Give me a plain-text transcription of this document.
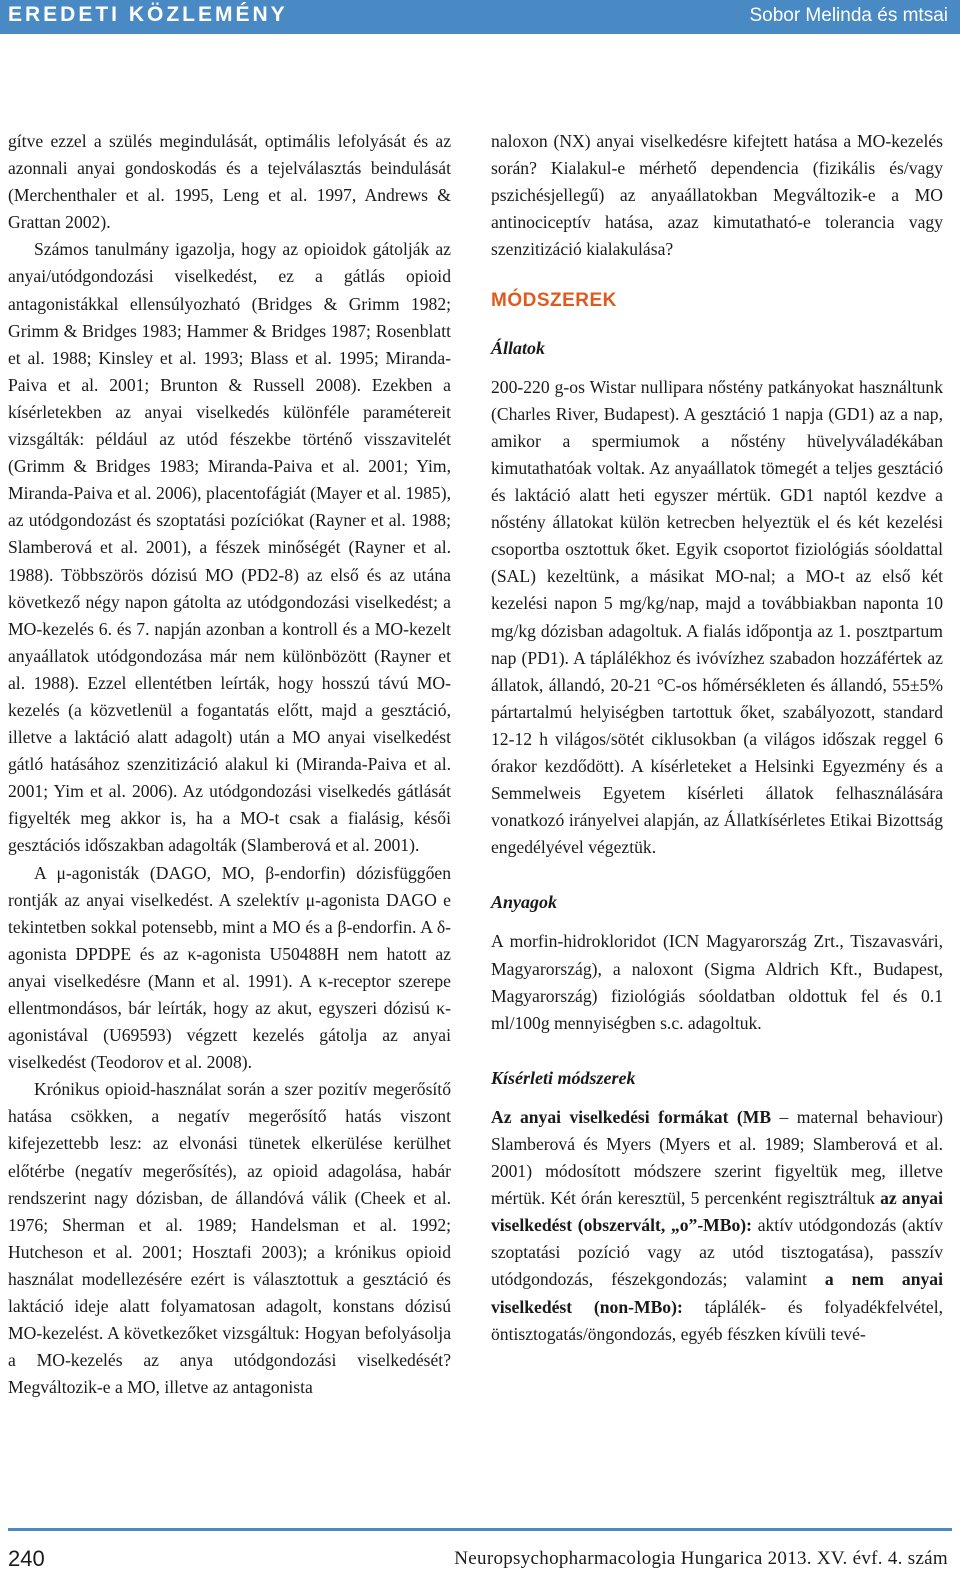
EREDETI KÖZLEMÉNY	Sobor Melinda és mtsai

gítve ezzel a szülés megindulását, optimális lefolyását és az azonnali anyai gondoskodás és a tejelválasztás beindulását (Merchenthaler et al. 1995, Leng et al. 1997, Andrews & Grattan 2002).

Számos tanulmány igazolja, hogy az opioidok gátolják az anyai/utódgondozási viselkedést, ez a gátlás opioid antagonistákkal ellensúlyozható (Bridges & Grimm 1982; Grimm & Bridges 1983; Hammer & Bridges 1987; Rosenblatt et al. 1988; Kinsley et al. 1993; Blass et al. 1995; Miranda-Paiva et al. 2001; Brunton & Russell 2008). Ezekben a kísérletekben az anyai viselkedés különféle paramétereit vizsgálták: például az utód fészekbe történő visszavitelét (Grimm & Bridges 1983; Miranda-Paiva et al. 2001; Yim, Miranda-Paiva et al. 2006), placentofágiát (Mayer et al. 1985), az utódgondozást és szoptatási pozíciókat (Rayner et al. 1988; Slamberová et al. 2001), a fészek minőségét (Rayner et al. 1988). Többszörös dózisú MO (PD2-8) az első és az utána következő négy napon gátolta az utódgondozási viselkedést; a MO-kezelés 6. és 7. napján azonban a kontroll és a MO-kezelt anyaállatok utódgondozása már nem különbözött (Rayner et al. 1988). Ezzel ellentétben leírták, hogy hosszú távú MO-kezelés (a közvetlenül a fogantatás előtt, majd a gesztáció, illetve a laktáció alatt adagolt) után a MO anyai viselkedést gátló hatásához szenzitizáció alakul ki (Miranda-Paiva et al. 2001; Yim et al. 2006). Az utódgondozási viselkedés gátlását figyelték meg akkor is, ha a MO-t csak a fialásig, késői gesztációs időszakban adagolták (Slamberová et al. 2001).

A μ-agonisták (DAGO, MO, β-endorfin) dózisfüggően rontják az anyai viselkedést. A szelektív μ-agonista DAGO e tekintetben sokkal potensebb, mint a MO és a β-endorfin. A δ-agonista DPDPE és az κ-agonista U50488H nem hatott az anyai viselkedésre (Mann et al. 1991). A κ-receptor szerepe ellentmondásos, bár leírták, hogy az akut, egyszeri dózisú κ-agonistával (U69593) végzett kezelés gátolja az anyai viselkedést (Teodorov et al. 2008).

Krónikus opioid-használat során a szer pozitív megerősítő hatása csökken, a negatív megerősítő hatás viszont kifejezettebb lesz: az elvonási tünetek elkerülése kerülhet előtérbe (negatív megerősítés), az opioid adagolása, habár rendszerint nagy dózisban, de állandóvá válik (Cheek et al. 1976; Sherman et al. 1989; Handelsman et al. 1992; Hutcheson et al. 2001; Hosztafi 2003); a krónikus opioid használat modellezésére ezért is választottuk a gesztáció és laktáció ideje alatt folyamatosan adagolt, konstans dózisú MO-kezelést. A következőket vizsgáltuk: Hogyan befolyásolja a MO-kezelés az anya utódgondozási viselkedését? Megváltozik-e a MO, illetve az antagonista

naloxon (NX) anyai viselkedésre kifejtett hatása a MO-kezelés során? Kialakul-e mérhető dependencia (fizikális és/vagy pszichésjellegű) az anyaállatokban Megváltozik-e a MO antinociceptív hatása, azaz kimutatható-e tolerancia vagy szenzitizáció kialakulása?

MÓDSZEREK
Állatok

200-220 g-os Wistar nullipara nőstény patkányokat használtunk (Charles River, Budapest). A gesztáció 1 napja (GD1) az a nap, amikor a spermiumok a nőstény hüvelyváladékában kimutathatóak voltak. Az anyaállatok tömegét a teljes gesztáció és laktáció alatt heti egyszer mértük. GD1 naptól kezdve a nőstény állatokat külön ketrecben helyeztük el és két kezelési csoportba osztottuk őket. Egyik csoportot fiziológiás sóoldattal (SAL) kezeltünk, a másikat MO-nal; a MO-t az első két kezelési napon 5 mg/kg/nap, majd a továbbiakban naponta 10 mg/kg dózisban adagoltuk. A fialás időpontja az 1. posztpartum nap (PD1). A táplálékhoz és ivóvízhez szabadon hozzáfértek az állatok, állandó, 20-21 °C-os hőmérsékleten és állandó, 55±5% pártartalmú helyiségben tartottuk őket, szabályozott, standard 12-12 h világos/sötét ciklusokban (a világos időszak reggel 6 órakor kezdődött). A kísérleteket a Helsinki Egyezmény és a Semmelweis Egyetem kísérleti állatok felhasználására vonatkozó irányelvei alapján, az Állatkísérletes Etikai Bizottság engedélyével végeztük.

Anyagok

A morfin-hidrokloridot (ICN Magyarország Zrt., Tiszavasvári, Magyarország), a naloxont (Sigma Aldrich Kft., Budapest, Magyarország) fiziológiás sóoldatban oldottuk fel és 0.1 ml/100g mennyiségben s.c. adagoltuk.

Kísérleti módszerek

Az anyai viselkedési formákat (MB – maternal behaviour) Slamberová és Myers (Myers et al. 1989; Slamberová et al. 2001) módosított módszere szerint figyeltük meg, illetve mértük. Két órán keresztül, 5 percenként regisztráltuk az anyai viselkedést (obszervált, „o”-MBo): aktív utódgondozás (aktív szoptatási pozíció vagy az utód tisztogatása), passzív utódgondozás, fészekgondozás; valamint a nem anyai viselkedést (non-MBo): táplálék- és folyadékfelvétel, öntisztogatás/öngondozás, egyéb fészken kívüli tevé-

240	Neuropsychopharmacologia Hungarica 2013. XV. évf. 4. szám
